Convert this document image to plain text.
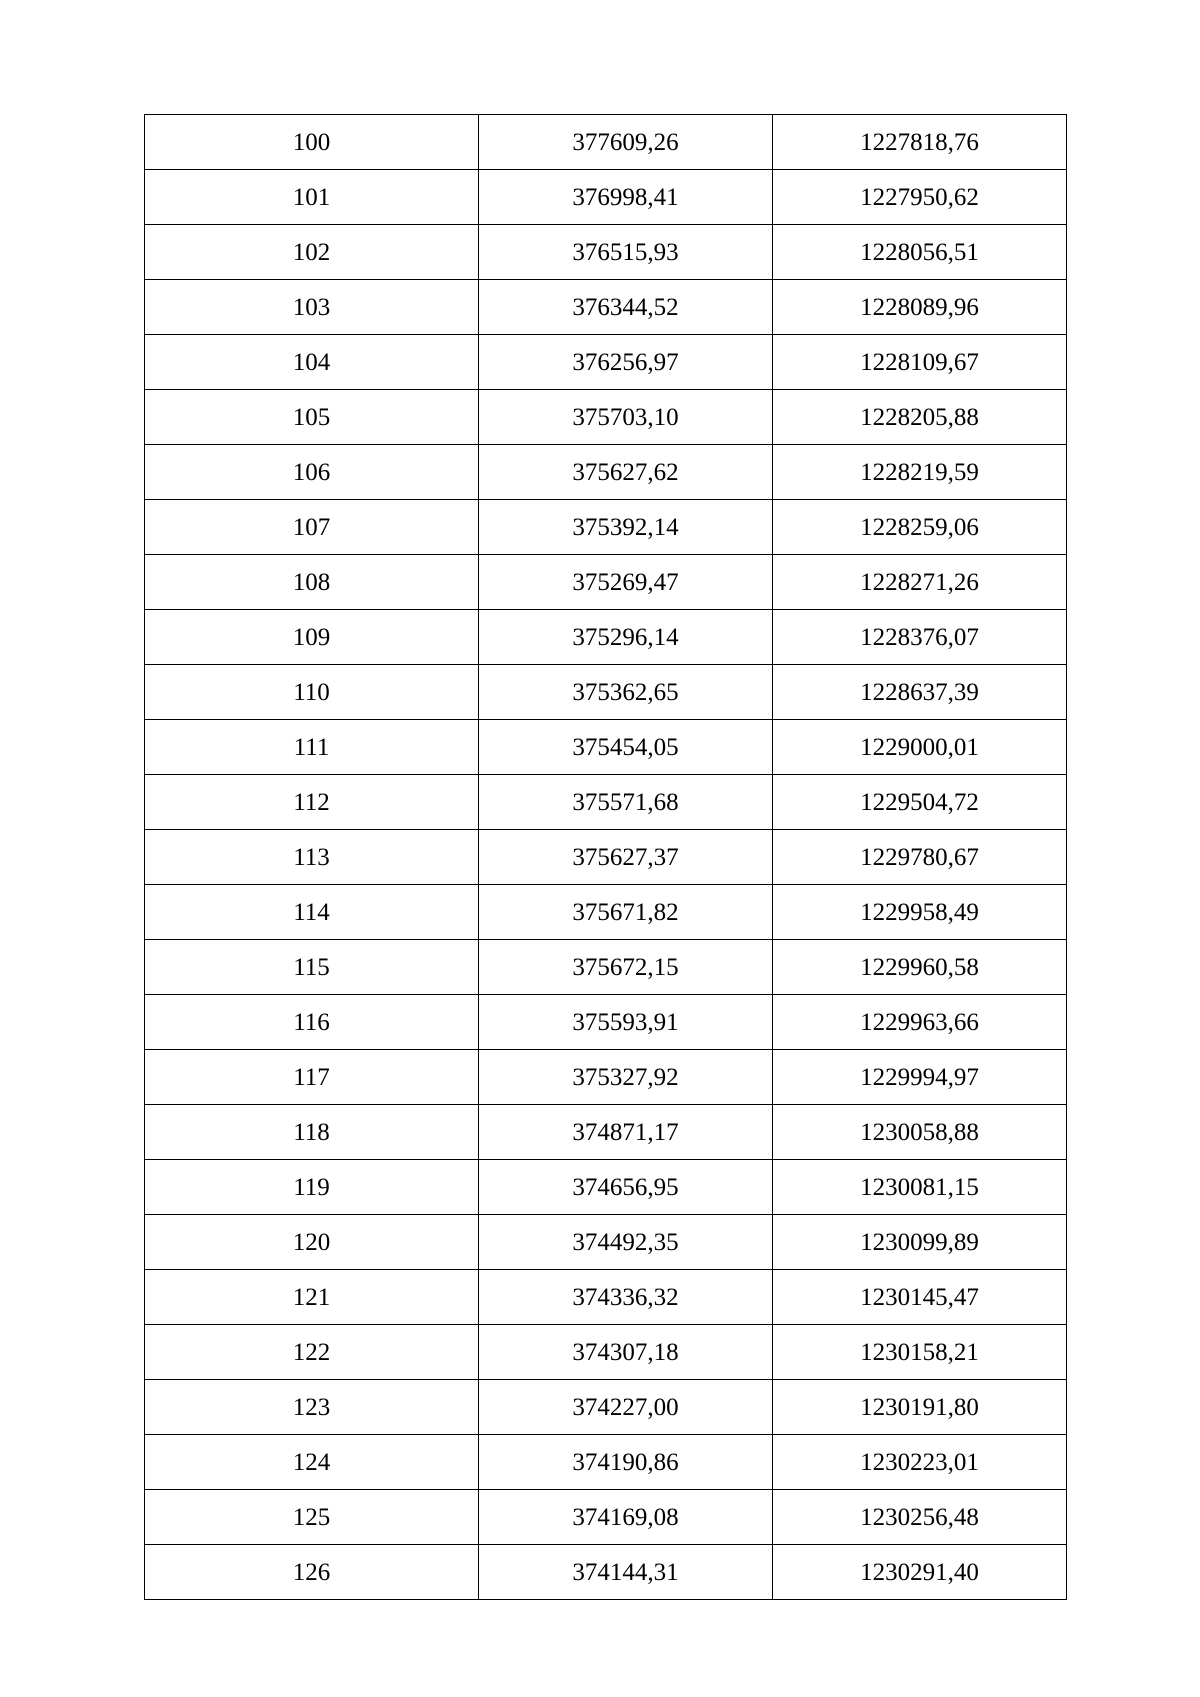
100	377609,26	1227818,76
101	376998,41	1227950,62
102	376515,93	1228056,51
103	376344,52	1228089,96
104	376256,97	1228109,67
105	375703,10	1228205,88
106	375627,62	1228219,59
107	375392,14	1228259,06
108	375269,47	1228271,26
109	375296,14	1228376,07
110	375362,65	1228637,39
111	375454,05	1229000,01
112	375571,68	1229504,72
113	375627,37	1229780,67
114	375671,82	1229958,49
115	375672,15	1229960,58
116	375593,91	1229963,66
117	375327,92	1229994,97
118	374871,17	1230058,88
119	374656,95	1230081,15
120	374492,35	1230099,89
121	374336,32	1230145,47
122	374307,18	1230158,21
123	374227,00	1230191,80
124	374190,86	1230223,01
125	374169,08	1230256,48
126	374144,31	1230291,40
